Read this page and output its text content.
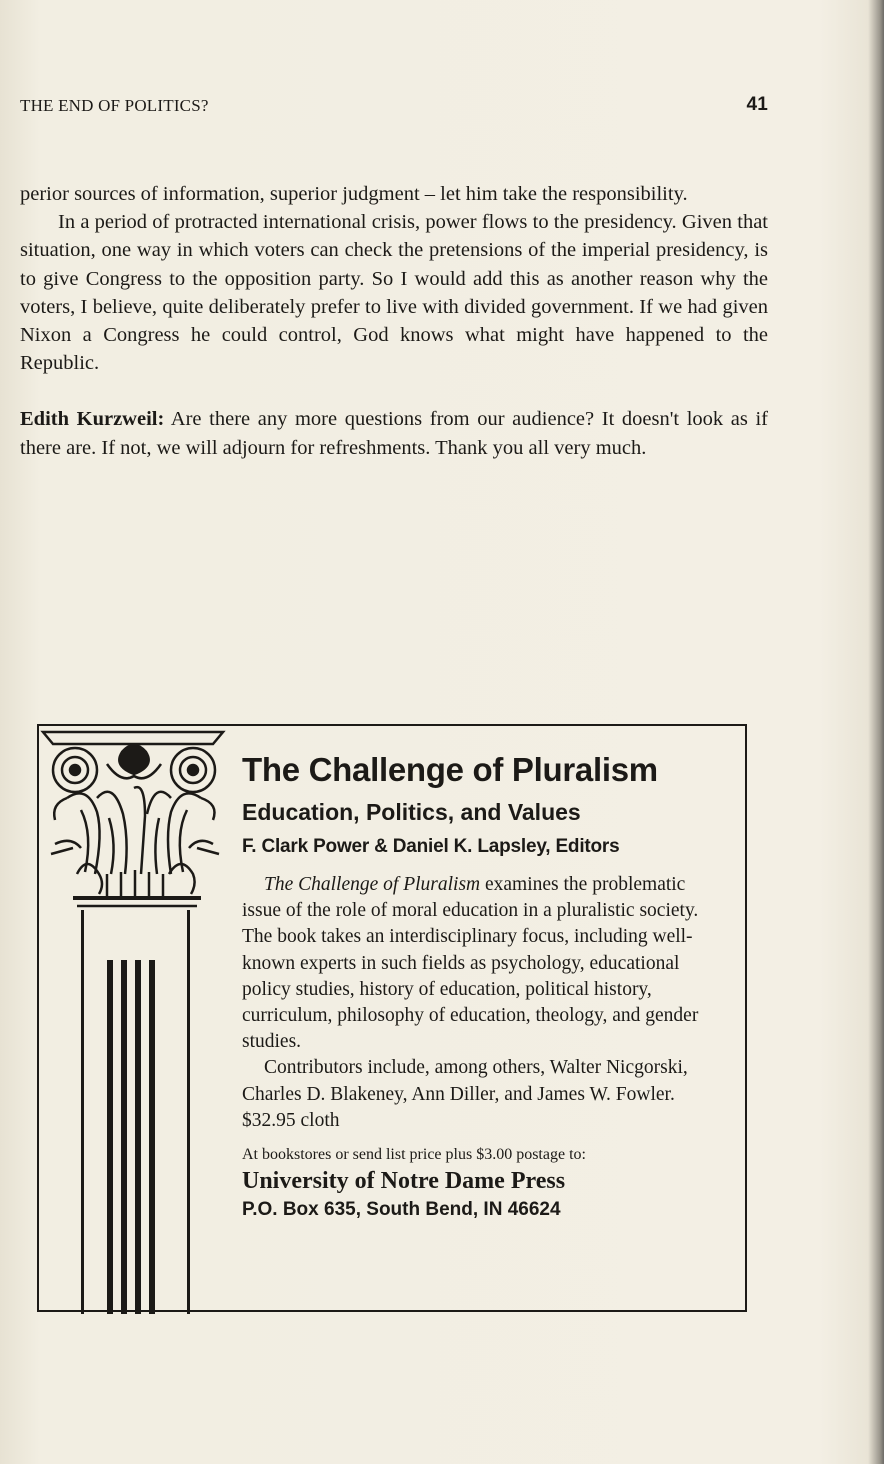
THE END OF POLITICS?	41

perior sources of information, superior judgment – let him take the responsibility.

In a period of protracted international crisis, power flows to the presidency. Given that situation, one way in which voters can check the pretensions of the imperial presidency, is to give Congress to the opposition party. So I would add this as another reason why the voters, I believe, quite deliberately prefer to live with divided government. If we had given Nixon a Congress he could control, God knows what might have happened to the Republic.

Edith Kurzweil: Are there any more questions from our audience? It doesn't look as if there are. If not, we will adjourn for refreshments. Thank you all very much.

The Challenge of Pluralism
Education, Politics, and Values
F. Clark Power & Daniel K. Lapsley, Editors

The Challenge of Pluralism examines the problematic issue of the role of moral education in a pluralistic society. The book takes an interdisciplinary focus, including well-known experts in such fields as psychology, educational policy studies, history of education, political history, curriculum, philosophy of education, theology, and gender studies.

Contributors include, among others, Walter Nicgorski, Charles D. Blakeney, Ann Diller, and James W. Fowler.

$32.95 cloth

At bookstores or send list price plus $3.00 postage to:
University of Notre Dame Press
P.O. Box 635, South Bend, IN 46624
